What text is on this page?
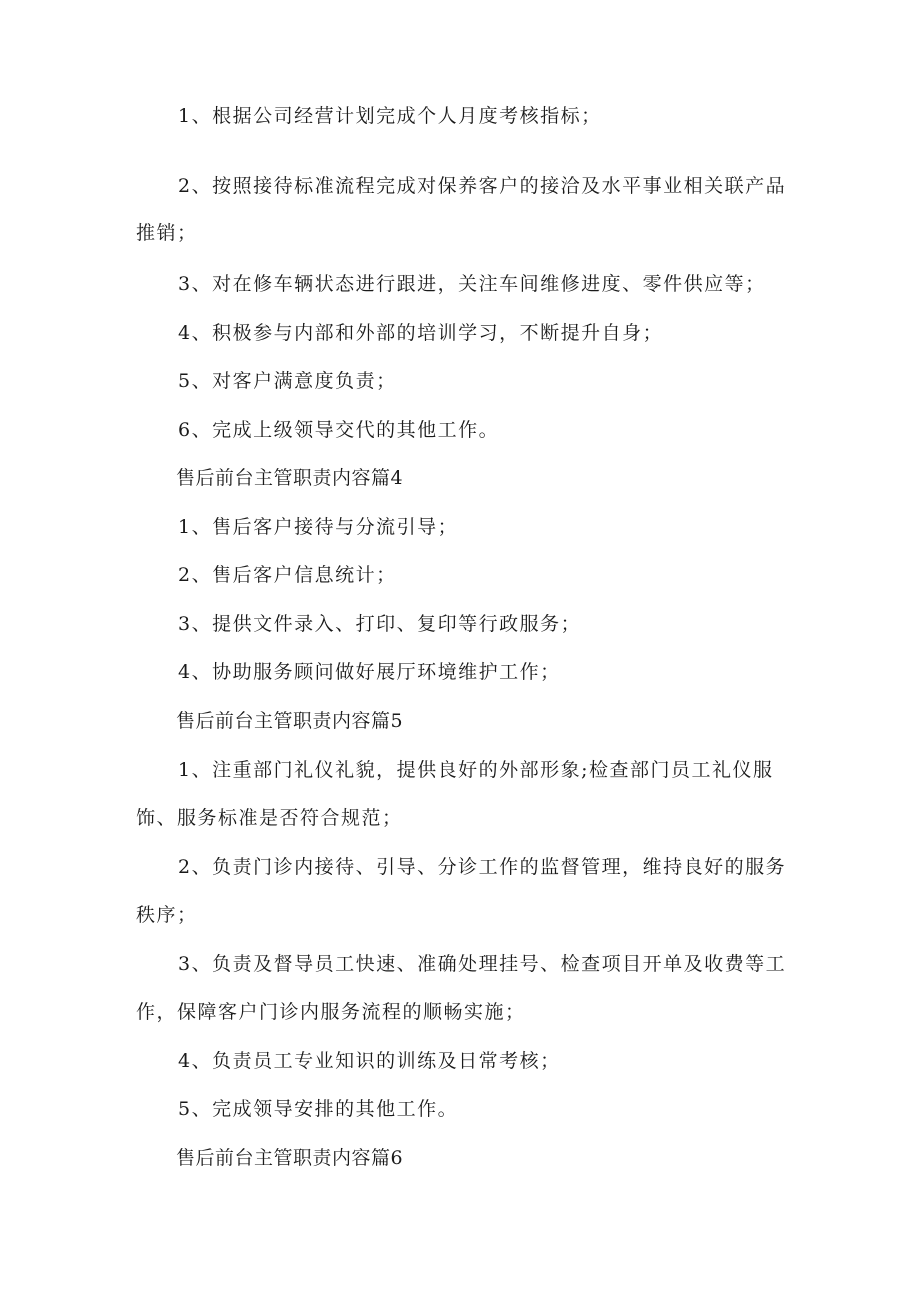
1、根据公司经营计划完成个人月度考核指标；
2、按照接待标准流程完成对保养客户的接洽及水平事业相关联产品
推销；
3、对在修车辆状态进行跟进，关注车间维修进度、零件供应等；
4、积极参与内部和外部的培训学习，不断提升自身；
5、对客户满意度负责；
6、完成上级领导交代的其他工作。
售后前台主管职责内容篇4
1、售后客户接待与分流引导；
2、售后客户信息统计；
3、提供文件录入、打印、复印等行政服务；
4、协助服务顾问做好展厅环境维护工作；
售后前台主管职责内容篇5
1、注重部门礼仪礼貌，提供良好的外部形象;检查部门员工礼仪服
饰、服务标准是否符合规范；
2、负责门诊内接待、引导、分诊工作的监督管理，维持良好的服务
秩序；
3、负责及督导员工快速、准确处理挂号、检查项目开单及收费等工
作，保障客户门诊内服务流程的顺畅实施；
4、负责员工专业知识的训练及日常考核；
5、完成领导安排的其他工作。
售后前台主管职责内容篇6
